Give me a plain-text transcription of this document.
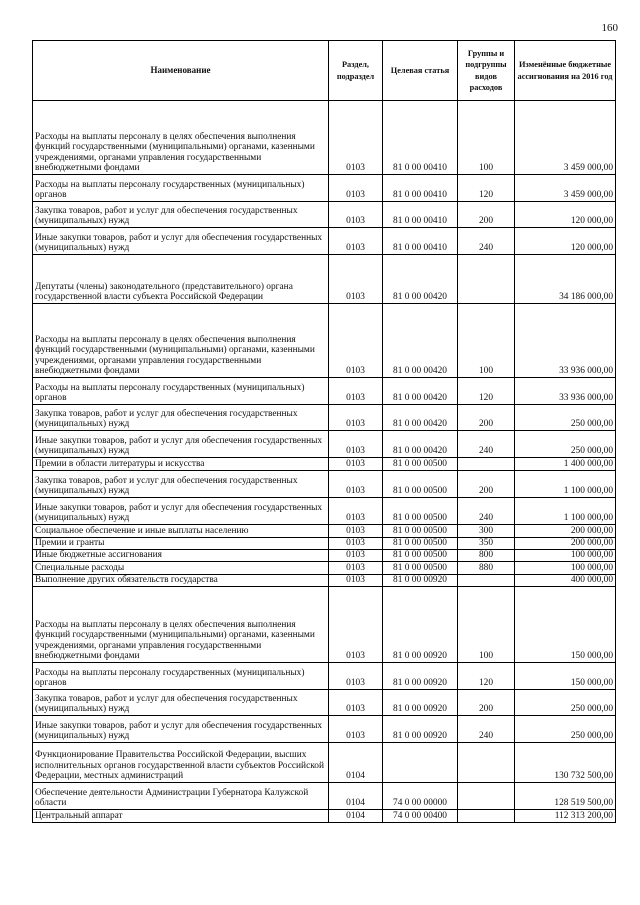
160
Наименование	Раздел, подраздел	Целевая статья	Группы и подгруппы видов расходов	Изменённые бюджетные ассигнования на 2016 год
Расходы на выплаты персоналу в целях обеспечения выполнения функций государственными (муниципальными) органами, казенными учреждениями, органами управления государственными внебюджетными фондами	0103	81 0 00 00410	100	3 459 000,00
Расходы на выплаты персоналу государственных (муниципальных) органов	0103	81 0 00 00410	120	3 459 000,00
Закупка товаров, работ и услуг для обеспечения государственных (муниципальных) нужд	0103	81 0 00 00410	200	120 000,00
Иные закупки товаров, работ и услуг для обеспечения государственных (муниципальных) нужд	0103	81 0 00 00410	240	120 000,00
Депутаты (члены) законодательного (представительного) органа государственной власти субъекта Российской Федерации	0103	81 0 00 00420		34 186 000,00
Расходы на выплаты персоналу в целях обеспечения выполнения функций государственными (муниципальными) органами, казенными учреждениями, органами управления государственными внебюджетными фондами	0103	81 0 00 00420	100	33 936 000,00
Расходы на выплаты персоналу государственных (муниципальных) органов	0103	81 0 00 00420	120	33 936 000,00
Закупка товаров, работ и услуг для обеспечения государственных (муниципальных) нужд	0103	81 0 00 00420	200	250 000,00
Иные закупки товаров, работ и услуг для обеспечения государственных (муниципальных) нужд	0103	81 0 00 00420	240	250 000,00
Премии в области литературы и искусства	0103	81 0 00 00500		1 400 000,00
Закупка товаров, работ и услуг для обеспечения государственных (муниципальных) нужд	0103	81 0 00 00500	200	1 100 000,00
Иные закупки товаров, работ и услуг для обеспечения государственных (муниципальных) нужд	0103	81 0 00 00500	240	1 100 000,00
Социальное обеспечение и иные выплаты населению	0103	81 0 00 00500	300	200 000,00
Премии и гранты	0103	81 0 00 00500	350	200 000,00
Иные бюджетные ассигнования	0103	81 0 00 00500	800	100 000,00
Специальные расходы	0103	81 0 00 00500	880	100 000,00
Выполнение других обязательств государства	0103	81 0 00 00920		400 000,00
Расходы на выплаты персоналу в целях обеспечения выполнения функций государственными (муниципальными) органами, казенными учреждениями, органами управления государственными внебюджетными фондами	0103	81 0 00 00920	100	150 000,00
Расходы на выплаты персоналу государственных (муниципальных) органов	0103	81 0 00 00920	120	150 000,00
Закупка товаров, работ и услуг для обеспечения государственных (муниципальных) нужд	0103	81 0 00 00920	200	250 000,00
Иные закупки товаров, работ и услуг для обеспечения государственных (муниципальных) нужд	0103	81 0 00 00920	240	250 000,00
Функционирование Правительства Российской Федерации, высших исполнительных органов государственной власти субъектов Российской Федерации, местных администраций	0104			130 732 500,00
Обеспечение деятельности Администрации Губернатора Калужской области	0104	74 0 00 00000		128 519 500,00
Центральный аппарат	0104	74 0 00 00400		112 313 200,00
